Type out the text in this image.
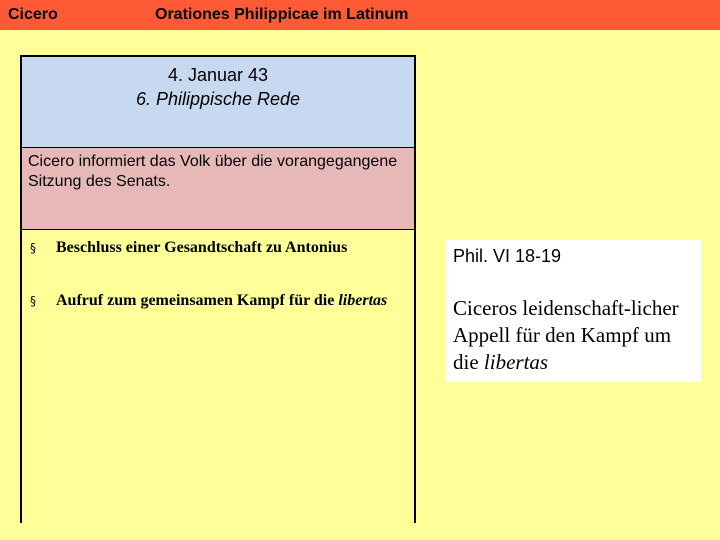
Cicero	Orationes Philippicae im Latinum
4. Januar 43
6. Philippische Rede
Cicero informiert das Volk über die vorangegangene Sitzung des Senats.
§	Beschluss einer Gesandtschaft zu Antonius
§	Aufruf zum gemeinsamen Kampf für die libertas
Phil. VI 18-19
Ciceros leidenschaft-licher Appell für den Kampf um die libertas
